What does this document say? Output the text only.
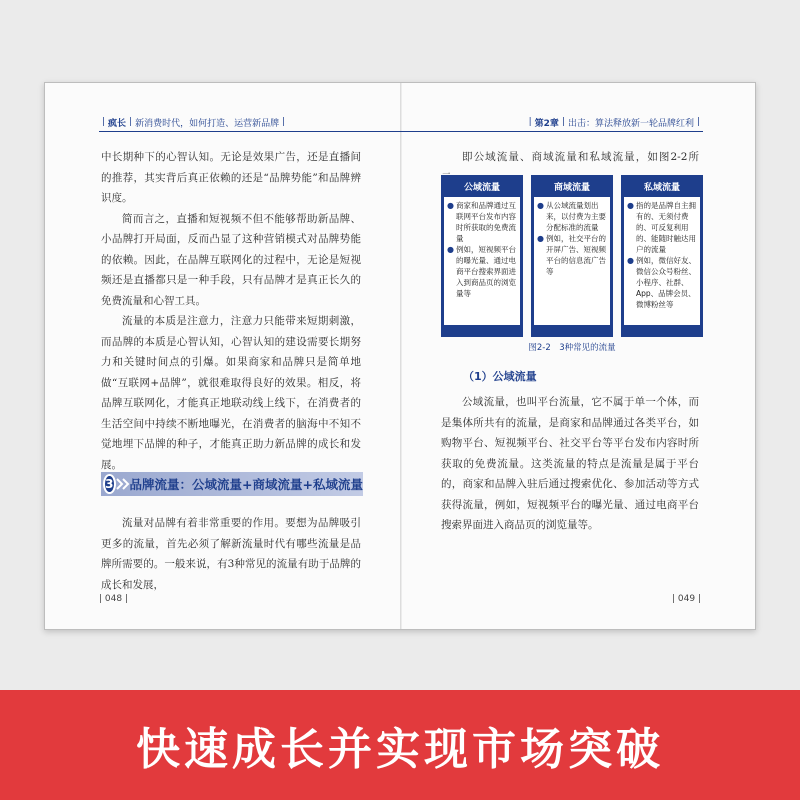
| 疯长 | 新消费时代，如何打造、运营新品牌 |

中长期种下的心智认知。无论是效果广告，还是直播间的推荐，其实背后真正依赖的还是“品牌势能”和品牌辨识度。

简而言之，直播和短视频不但不能够帮助新品牌、小品牌打开局面，反而凸显了这种营销模式对品牌势能的依赖。因此，在品牌互联网化的过程中，无论是短视频还是直播都只是一种手段，只有品牌才是真正长久的免费流量和心智工具。

流量的本质是注意力，注意力只能带来短期刺激，而品牌的本质是心智认知，心智认知的建设需要长期努力和关键时间点的引爆。如果商家和品牌只是简单地做“互联网+品牌”，就很难取得良好的效果。相反，将品牌互联网化，才能真正地联动线上线下，在消费者的生活空间中持续不断地曝光，在消费者的脑海中不知不觉地埋下品牌的种子，才能真正助力新品牌的成长和发展。

3 品牌流量：公域流量+商域流量+私域流量

流量对品牌有着非常重要的作用。要想为品牌吸引更多的流量，首先必须了解新流量时代有哪些流量是品牌所需要的。一般来说，有3种常见的流量有助于品牌的成长和发展，

| 048 |
| 第2章 | 出击：算法释放新一轮品牌红利 |

即公域流量、商域流量和私域流量，如图2-2所

公域流量
● 商家和品牌通过互联网平台发布内容时所获取的免费流量
● 例如，短视频平台的曝光量、通过电商平台搜索界面进入到商品页的浏览量等
商域流量
● 从公域流量划出来，以付费为主要分配标准的流量
● 例如，社交平台的开屏广告、短视频平台的信息流广告等
私域流量
● 指的是品牌自主拥有的、无须付费的、可反复利用的、能随时触达用户的流量
● 例如，微信好友、微信公众号粉丝、小程序、社群、App、品牌会员、微博粉丝等
图2-2　3种常见的流量
（1）公域流量

公域流量，也叫平台流量，它不属于单一个体，而是集体所共有的流量，是商家和品牌通过各类平台，如购物平台、短视频平台、社交平台等平台发布内容时所获取的免费流量。这类流量的特点是流量是属于平台的，商家和品牌入驻后通过搜索优化、参加活动等方式获得流量，例如，短视频平台的曝光量、通过电商平台搜索界面进入商品页的浏览量等。

| 049 |
快速成长并实现市场突破
